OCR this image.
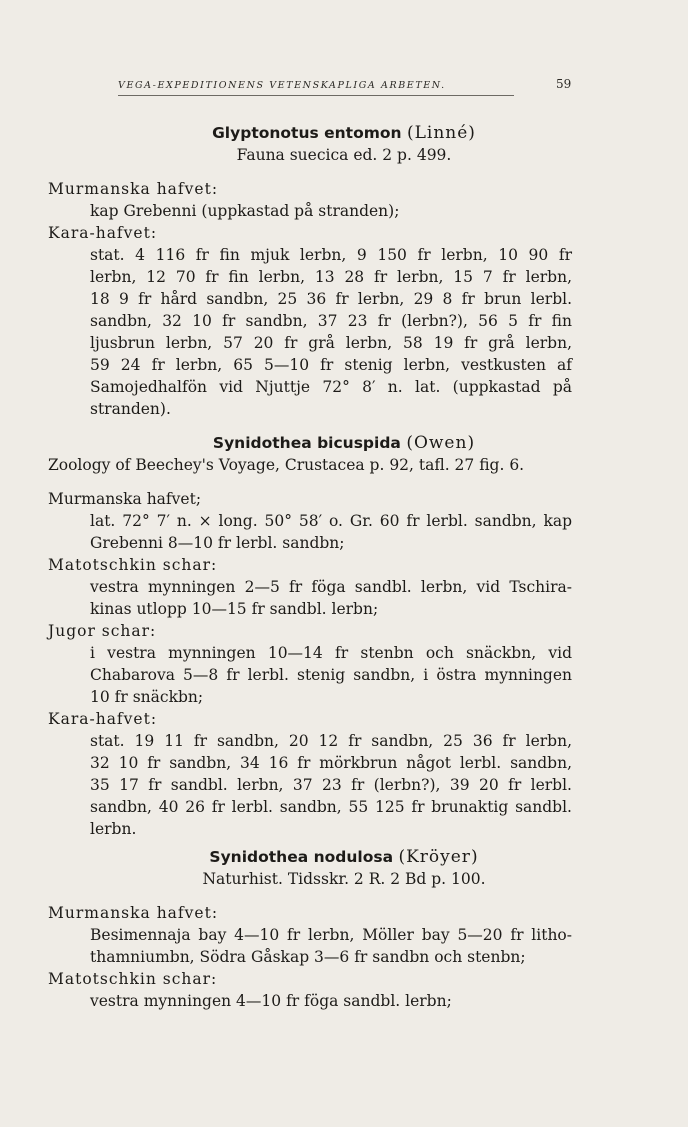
VEGA-EXPEDITIONENS VETENSKAPLIGA ARBETEN.	59
Glyptonotus entomon (Linné)
Fauna suecica ed. 2 p. 499.
Murmanska hafvet:
kap Grebenni (uppkastad på stranden);
Kara-hafvet:
stat. 4 116 fr fin mjuk lerbn, 9 150 fr lerbn, 10 90 fr
lerbn, 12 70 fr fin lerbn, 13 28 fr lerbn, 15 7 fr lerbn,
18 9 fr hård sandbn, 25 36 fr lerbn, 29 8 fr brun lerbl.
sandbn, 32 10 fr sandbn, 37 23 fr (lerbn?), 56 5 fr fin
ljusbrun lerbn, 57 20 fr grå lerbn, 58 19 fr grå lerbn,
59 24 fr lerbn, 65 5—10 fr stenig lerbn, vestkusten af
Samojedhalfön vid Njuttje 72° 8′ n. lat. (uppkastad på
stranden).
Synidothea bicuspida (Owen)
Zoology of Beechey's Voyage, Crustacea p. 92, tafl. 27 fig. 6.
Murmanska hafvet;
lat. 72° 7′ n. × long. 50° 58′ o. Gr. 60 fr lerbl. sandbn, kap
Grebenni 8—10 fr lerbl. sandbn;
Matotschkin schar:
vestra mynningen 2—5 fr föga sandbl. lerbn, vid Tschira-
kinas utlopp 10—15 fr sandbl. lerbn;
Jugor schar:
i vestra mynningen 10—14 fr stenbn och snäckbn, vid
Chabarova 5—8 fr lerbl. stenig sandbn, i östra mynningen
10 fr snäckbn;
Kara-hafvet:
stat. 19 11 fr sandbn, 20 12 fr sandbn, 25 36 fr lerbn,
32 10 fr sandbn, 34 16 fr mörkbrun något lerbl. sandbn,
35 17 fr sandbl. lerbn, 37 23 fr (lerbn?), 39 20 fr lerbl.
sandbn, 40 26 fr lerbl. sandbn, 55 125 fr brunaktig sandbl.
lerbn.
Synidothea nodulosa (Kröyer)
Naturhist. Tidsskr. 2 R. 2 Bd p. 100.
Murmanska hafvet:
Besimennaja bay 4—10 fr lerbn, Möller bay 5—20 fr litho-
thamniumbn, Södra Gåskap 3—6 fr sandbn och stenbn;
Matotschkin schar:
vestra mynningen 4—10 fr föga sandbl. lerbn;
